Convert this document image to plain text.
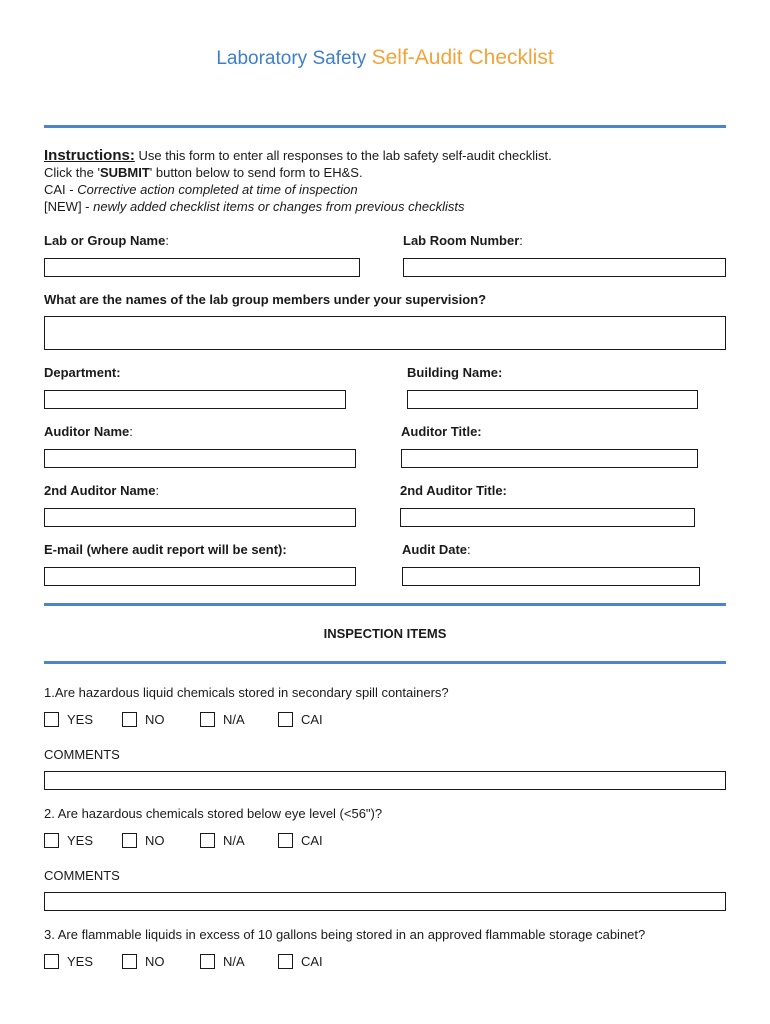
Laboratory Safety Self-Audit Checklist
Instructions: Use this form to enter all responses to the lab safety self-audit checklist.
Click the 'SUBMIT' button below to send form to EH&S.
CAI - Corrective action completed at time of inspection
[NEW] - newly added checklist items or changes from previous checklists
Lab or Group Name:	Lab Room Number:
What are the names of the lab group members under your supervision?
Department:	Building Name:
Auditor Name:	Auditor Title:
2nd Auditor Name:	2nd Auditor Title:
E-mail (where audit report will be sent):	Audit Date:
INSPECTION ITEMS
1.Are hazardous liquid chemicals stored in secondary spill containers?
YES	NO	N/A	CAI
COMMENTS
2. Are hazardous chemicals stored below eye level (<56")?
YES	NO	N/A	CAI
COMMENTS
3. Are flammable liquids in excess of 10 gallons being stored in an approved flammable storage cabinet?
YES	NO	N/A	CAI
